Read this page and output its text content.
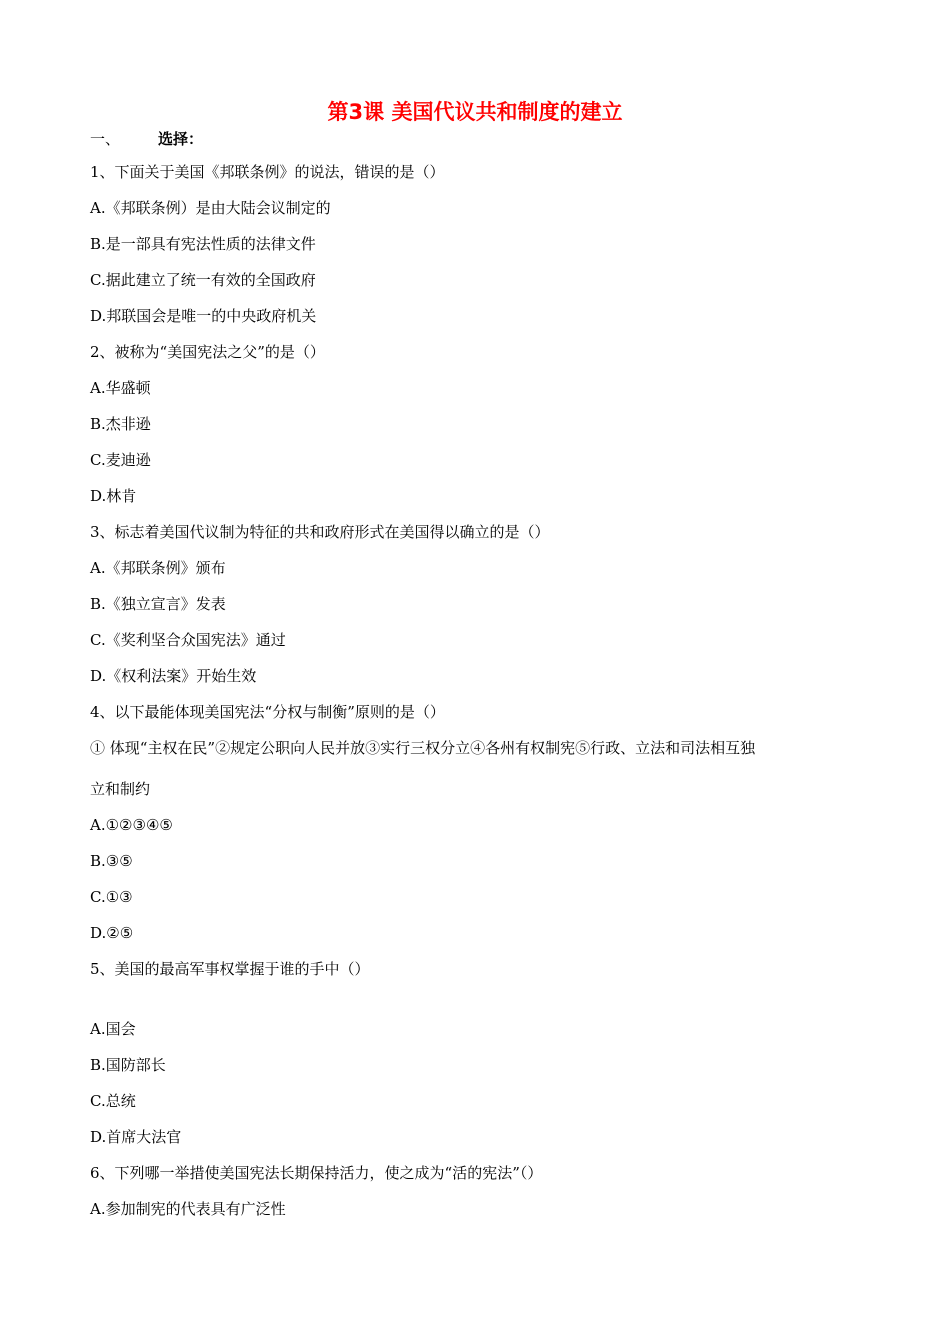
第3课 美国代议共和制度的建立
一、	选择：

1、下面关于美国《邦联条例》的说法，错误的是（）

A.《邦联条例）是由大陆会议制定的

B.是一部具有宪法性质的法律文件

C.据此建立了统一有效的全国政府

D.邦联国会是唯一的中央政府机关

2、被称为“美国宪法之父”的是（）

A.华盛顿

B.杰非逊

C.麦迪逊

D.林肯

3、标志着美国代议制为特征的共和政府形式在美国得以确立的是（）

A.《邦联条例》颁布

B.《独立宣言》发表

C.《奖利坚合众国宪法》通过

D.《权利法案》开始生效

4、以下最能体现美国宪法“分权与制衡”原则的是（）

① 体现“主权在民”②规定公职向人民并放③实行三权分立④各州有权制宪⑤行政、立法和司法相互独

立和制约

A.①②③④⑤

B.③⑤

C.①③

D.②⑤

5、美国的最高军事权掌握于谁的手中（）

A.国会

B.国防部长

C.总统

D.首席大法官

6、下列哪一举措使美国宪法长期保持活力，使之成为“活的宪法”（）

A.参加制宪的代表具有广泛性
